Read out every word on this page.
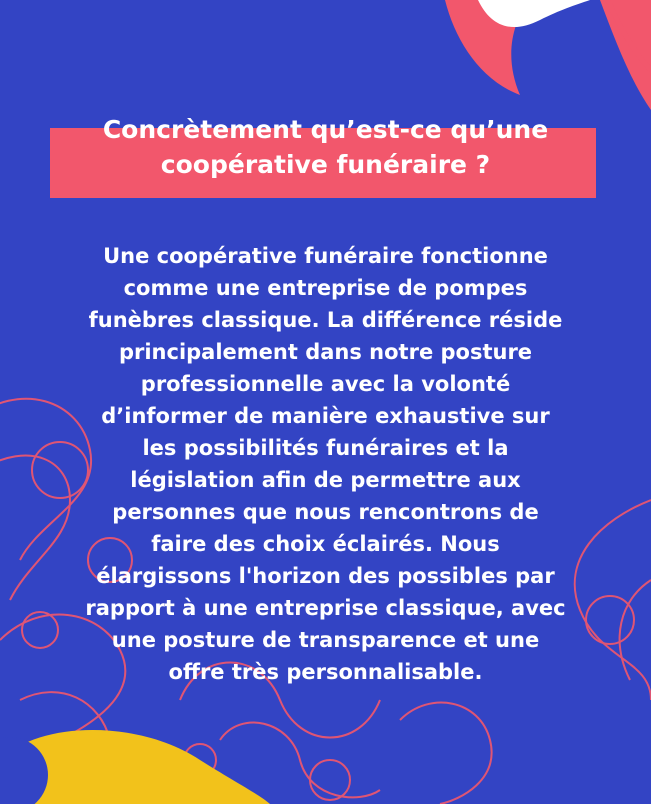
Concrètement qu’est-ce qu’une
coopérative funéraire ?

Une coopérative funéraire fonctionne
comme une entreprise de pompes
funèbres classique. La différence réside
principalement dans notre posture
professionnelle avec la volonté
d’informer de manière exhaustive sur
les possibilités funéraires et la
législation afin de permettre aux
personnes que nous rencontrons de
faire des choix éclairés. Nous
élargissons l'horizon des possibles par
rapport à une entreprise classique, avec
une posture de transparence et une
offre très personnalisable.
